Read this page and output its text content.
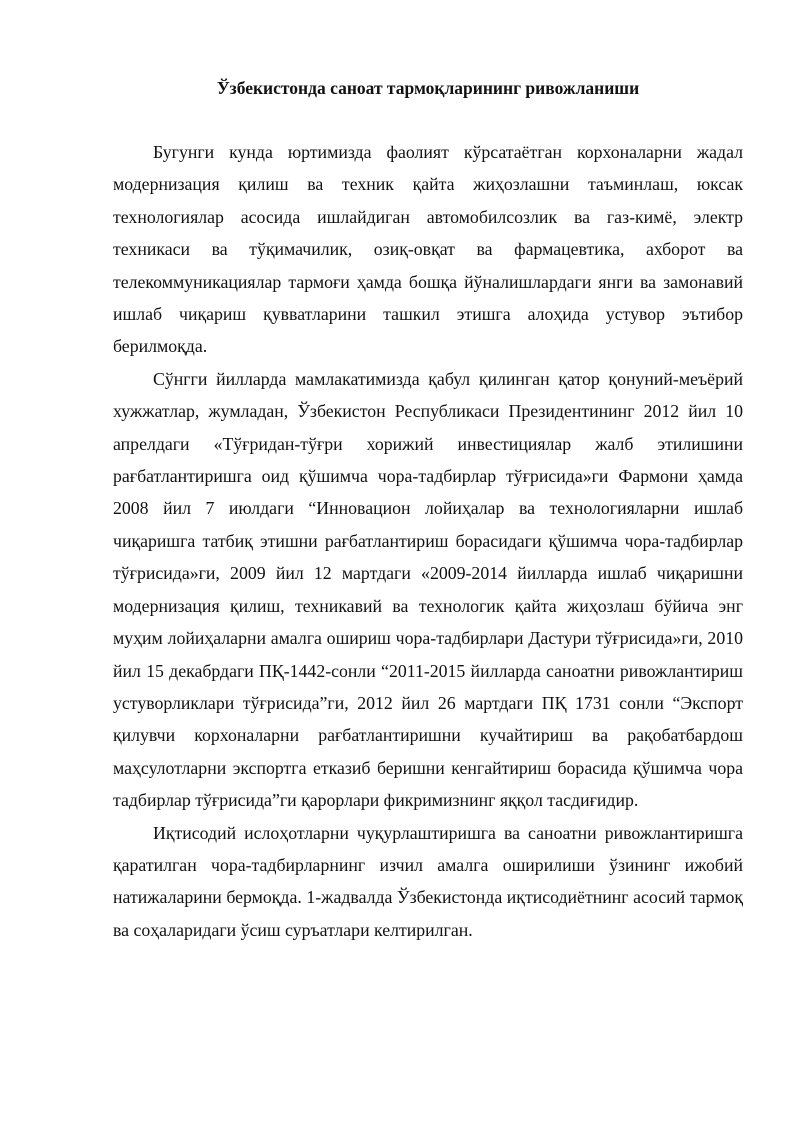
Ўзбекистонда саноат тармоқларининг ривожланиши

Бугунги кунда юртимизда фаолият кўрсатаётган корхоналарни жадал модернизация қилиш ва техник қайта жиҳозлашни таъминлаш, юксак технологиялар асосида ишлайдиган автомобилсозлик ва газ-кимё, электр техникаси ва тўқимачилик, озиқ-овқат ва фармацевтика, ахборот ва телекоммуникациялар тармоғи ҳамда бошқа йўналишлардаги янги ва замонавий ишлаб чиқариш қувватларини ташкил этишга алоҳида устувор эътибор берилмоқда.

Сўнгги йилларда мамлакатимизда қабул қилинган қатор қонуний-меъёрий хужжатлар, жумладан, Ўзбекистон Республикаси Президентининг 2012 йил 10 апрелдаги «Тўғридан-тўғри хорижий инвестициялар жалб этилишини рағбатлантиришга оид қўшимча чора-тадбирлар тўғрисида»ги Фармони ҳамда 2008 йил 7 июлдаги “Инновацион лойиҳалар ва технологияларни ишлаб чиқаришга татбиқ этишни рағбатлантириш борасидаги қўшимча чора-тадбирлар тўғрисида»ги, 2009 йил 12 мартдаги «2009-2014 йилларда ишлаб чиқаришни модернизация қилиш, техникавий ва технологик қайта жиҳозлаш бўйича энг муҳим лойиҳаларни амалга ошириш чора-тадбирлари Дастури тўғрисида»ги, 2010 йил 15 декабрдаги ПҚ-1442-сонли “2011-2015 йилларда саноатни ривожлантириш устуворликлари тўғрисида”ги, 2012 йил 26 мартдаги ПҚ 1731 сонли “Экспорт қилувчи корхоналарни рағбатлантиришни кучайтириш ва рақобатбардош маҳсулотларни экспортга етказиб беришни кенгайтириш борасида қўшимча чора тадбирлар тўғрисида”ги қарорлари фикримизнинг яққол тасдиғидир.

Иқтисодий ислоҳотларни чуқурлаштиришга ва саноатни ривожлантиришга қаратилган чора-тадбирларнинг изчил амалга оширилиши ўзининг ижобий натижаларини бермоқда. 1-жадвалда Ўзбекистонда иқтисодиётнинг асосий тармоқ ва соҳаларидаги ўсиш суръатлари келтирилган.
